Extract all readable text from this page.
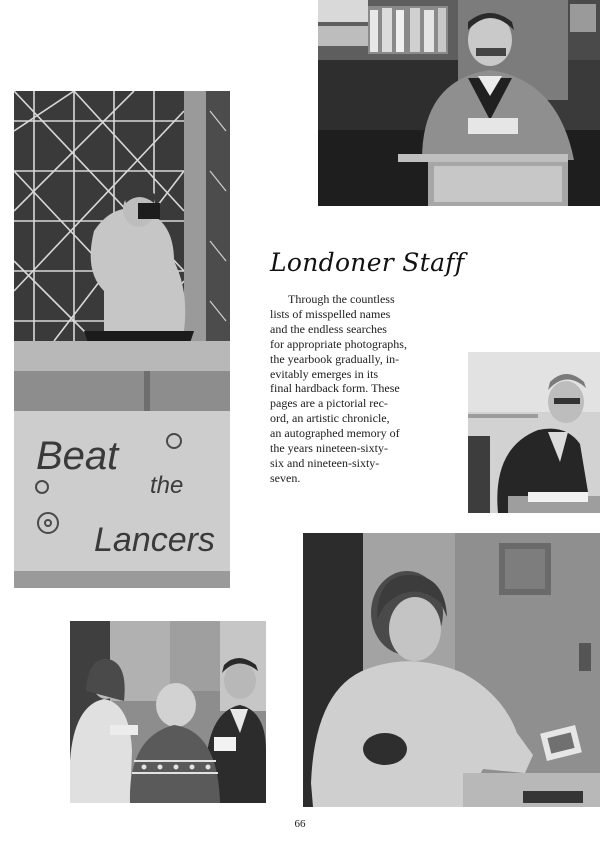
Beat
the
Lancers
Londoner Staff

Through the countless
lists of misspelled names
and the endless searches
for appropriate photographs,
the yearbook gradually, in-
evitably emerges in its
final hardback form. These
pages are a pictorial rec-
ord, an artistic chronicle,
an autographed memory of
the years nineteen-sixty-
six and nineteen-sixty-
seven.

66
